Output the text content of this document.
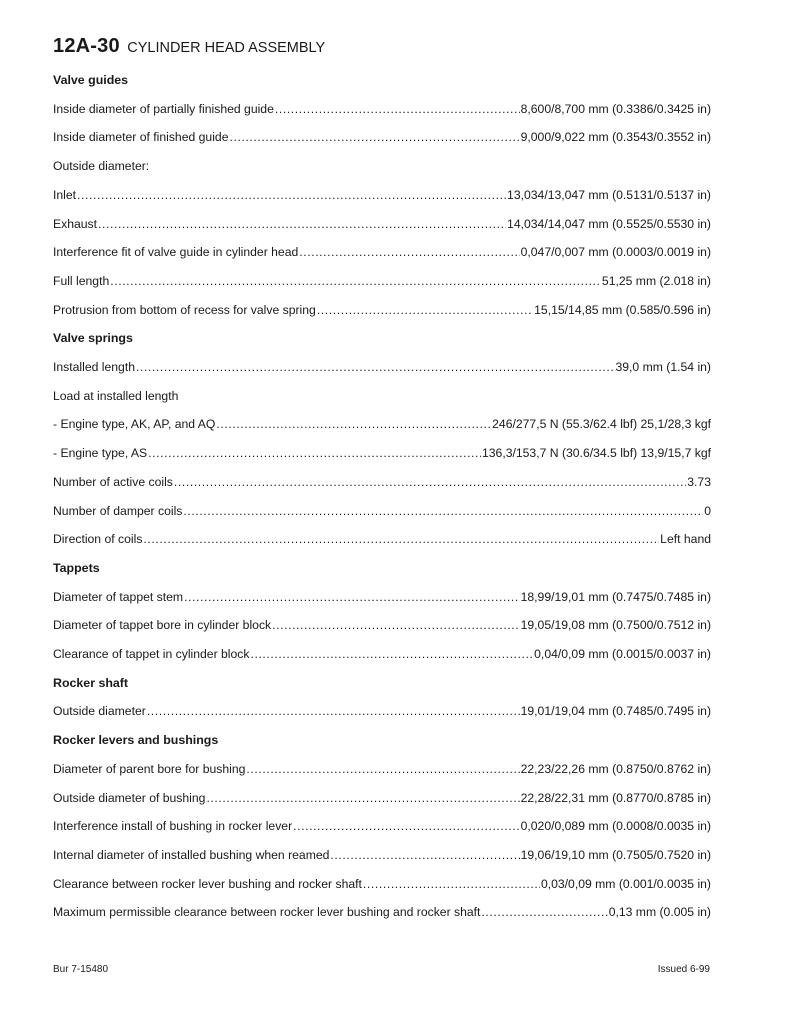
12A-30 CYLINDER HEAD ASSEMBLY
Valve guides
Inside diameter of partially finished guide .....	8,600/8,700 mm (0.3386/0.3425 in)
Inside diameter of finished guide .....	9,000/9,022 mm (0.3543/0.3552 in)
Outside diameter:
Inlet .....	13,034/13,047 mm (0.5131/0.5137 in)
Exhaust .....	14,034/14,047 mm (0.5525/0.5530 in)
Interference fit of valve guide in cylinder head .....	0,047/0,007 mm (0.0003/0.0019 in)
Full length .....	51,25 mm (2.018 in)
Protrusion from bottom of recess for valve spring .....	15,15/14,85 mm (0.585/0.596 in)
Valve springs
Installed length .....	39,0 mm (1.54 in)
Load at installed length
- Engine type, AK, AP, and AQ .....	246/277,5 N (55.3/62.4 lbf) 25,1/28,3 kgf
- Engine type, AS .....	136,3/153,7 N (30.6/34.5 lbf) 13,9/15,7 kgf
Number of active coils .....	3.73
Number of damper coils .....	0
Direction of coils .....	Left hand
Tappets
Diameter of tappet stem .....	18,99/19,01 mm (0.7475/0.7485 in)
Diameter of tappet bore in cylinder block .....	19,05/19,08 mm (0.7500/0.7512 in)
Clearance of tappet in cylinder block .....	0,04/0,09 mm (0.0015/0.0037 in)
Rocker shaft
Outside diameter .....	19,01/19,04 mm (0.7485/0.7495 in)
Rocker levers and bushings
Diameter of parent bore for bushing .....	22,23/22,26 mm (0.8750/0.8762 in)
Outside diameter of bushing .....	22,28/22,31 mm (0.8770/0.8785 in)
Interference install of bushing in rocker lever .....	0,020/0,089 mm (0.0008/0.0035 in)
Internal diameter of installed bushing when reamed .....	19,06/19,10 mm (0.7505/0.7520 in)
Clearance between rocker lever bushing and rocker shaft .....	0,03/0,09 mm (0.001/0.0035 in)
Maximum permissible clearance between rocker lever bushing and rocker shaft .....	0,13 mm (0.005 in)
Bur 7-15480	Issued 6-99
